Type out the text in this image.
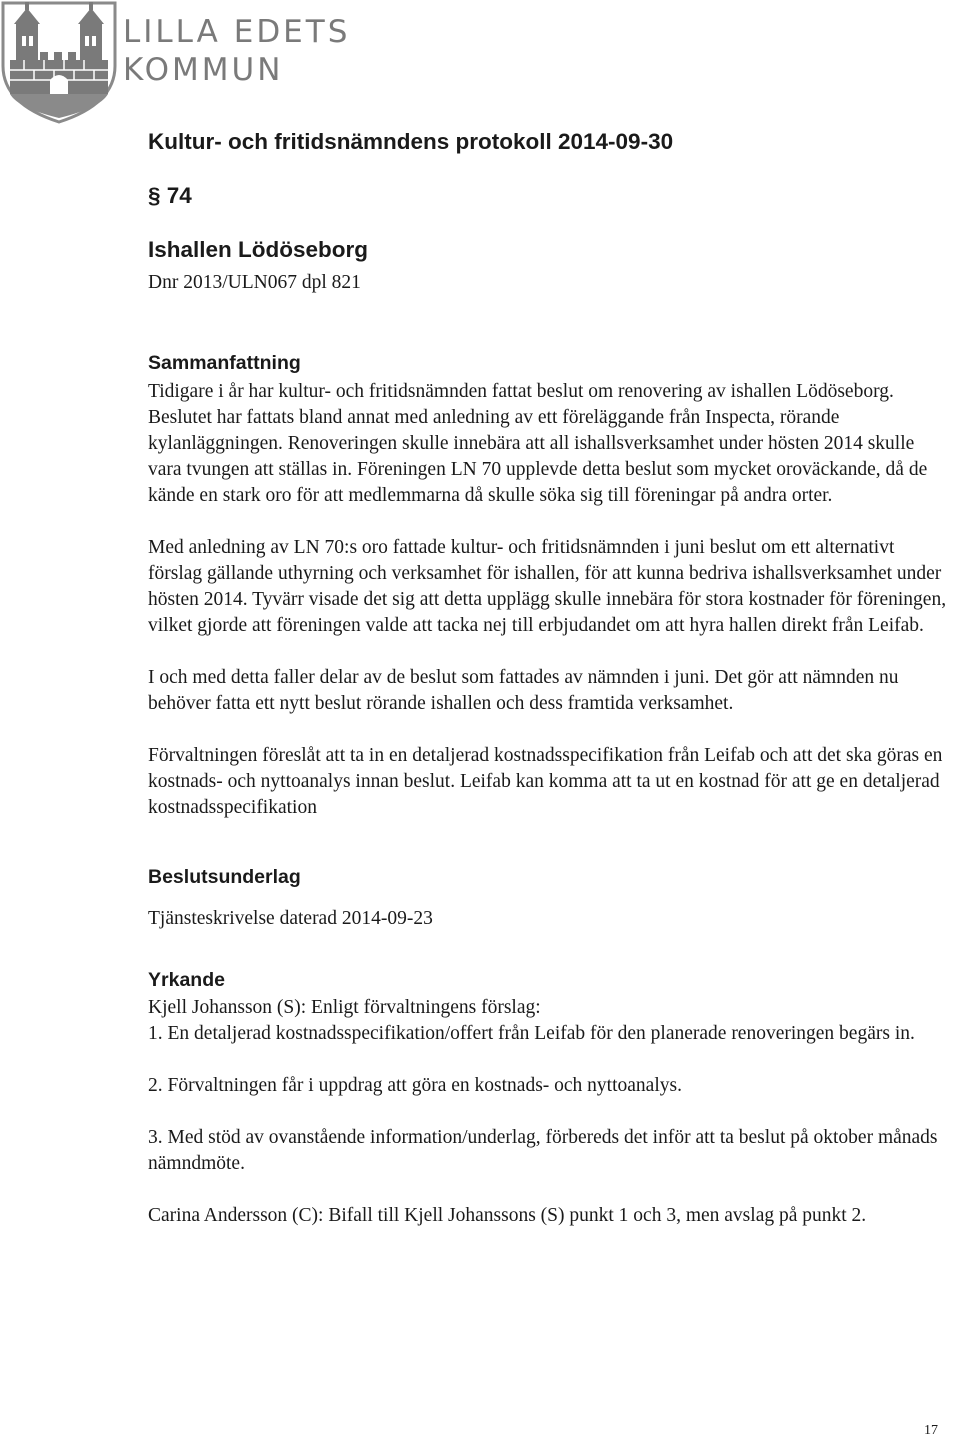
LILLA EDETS
KOMMUN
Kultur- och fritidsnämndens protokoll 2014-09-30
§ 74
Ishallen Lödöseborg
Dnr 2013/ULN067 dpl 821
Sammanfattning

Tidigare i år har kultur- och fritidsnämnden fattat beslut om renovering av ishallen Lödöseborg. Beslutet har fattats bland annat med anledning av ett föreläggande från Inspecta, rörande kylanläggningen. Renoveringen skulle innebära att all ishallsverksamhet under hösten 2014 skulle vara tvungen att ställas in. Föreningen LN 70 upplevde detta beslut som mycket oroväckande, då de kände en stark oro för att medlemmarna då skulle söka sig till föreningar på andra orter.

Med anledning av LN 70:s oro fattade kultur- och fritidsnämnden i juni beslut om ett alternativt förslag gällande uthyrning och verksamhet för ishallen, för att kunna bedriva ishallsverksamhet under hösten 2014. Tyvärr visade det sig att detta upplägg skulle innebära för stora kostnader för föreningen, vilket gjorde att föreningen valde att tacka nej till erbjudandet om att hyra hallen direkt från Leifab.

I och med detta faller delar av de beslut som fattades av nämnden i juni. Det gör att nämnden nu behöver fatta ett nytt beslut rörande ishallen och dess framtida verksamhet.

Förvaltningen föreslåt att ta in en detaljerad kostnadsspecifikation från Leifab och att det ska göras en kostnads- och nyttoanalys innan beslut. Leifab kan komma att ta ut en kostnad för att ge en detaljerad kostnadsspecifikation

Beslutsunderlag

Tjänsteskrivelse daterad 2014-09-23

Yrkande

Kjell Johansson (S): Enligt förvaltningens förslag:

1. En detaljerad kostnadsspecifikation/offert från Leifab för den planerade renoveringen begärs in.

2. Förvaltningen får i uppdrag att göra en kostnads- och nyttoanalys.

3. Med stöd av ovanstående information/underlag, förbereds det inför att ta beslut på oktober månads nämndmöte.

Carina Andersson (C): Bifall till Kjell Johanssons (S) punkt 1 och 3, men avslag på punkt 2.

17
